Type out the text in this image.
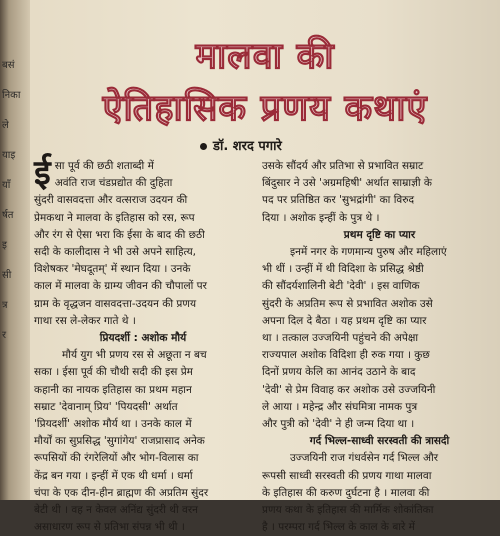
बसं
निका
ले
याइ
याँ
र्षत
इ
सी
त्र
र
मालवा की
ऐतिहासिक प्रणय कथाएं
डॉ. शरद पगारे
ई सा पूर्व की छठी शताब्दी में

अवंति राज चंडप्रद्योत की दुहिता

सुंदरी वासवदत्ता और वत्सराज उदयन की

प्रेमकथा ने मालवा के इतिहास को रस, रूप

और रंग से ऐसा भरा कि ईसा के बाद की छठी

सदी के कालीदास ने भी उसे अपने साहित्य,

विशेषकर 'मेघदूतम्' में स्थान दिया । उनके

काल में मालवा के ग्राम्य जीवन की चौपालों पर

ग्राम के वृद्धजन वासवदत्ता-उदयन की प्रणय

गाथा रस ले-लेकर गाते थे ।

प्रियदर्शी : अशोक मौर्य

मौर्य युग भी प्रणय रस से अछूता न बच

सका । ईसा पूर्व की चौथी सदी की इस प्रेम

कहानी का नायक इतिहास का प्रथम महान

सम्राट 'देवानाम् प्रिय' 'पियदसी' अर्थात

'प्रियदर्शी' अशोक मौर्य था । उनके काल में

मौर्यों का सुप्रसिद्ध 'सुगांगेय' राजप्रासाद अनेक

रूपसियों की रंगरेलियों और भोग-विलास का

केंद्र बन गया । इन्हीं में एक थी धर्मा । धर्मा

चंपा के एक दीन-हीन ब्राह्मण की अप्रतिम सुंदर

बेटी थी । वह न केवल अनिंद्य सुंदरी थी वरन

असाधारण रूप से प्रतिभा संपन्न भी थी ।

उसके सौंदर्य और प्रतिभा से प्रभावित सम्राट

बिंदुसार ने उसे 'अग्रमहिषी' अर्थात साम्राज्ञी के

पद पर प्रतिष्ठित कर 'सुभद्रांगी' का विरुद

दिया । अशोक इन्हीं के पुत्र थे ।

प्रथम दृष्टि का प्यार

इनमें नगर के गणमान्य पुरुष और महिलाएं

भी थीं । उन्हीं में थी विदिशा के प्रसिद्ध श्रेष्ठी

की सौंदर्यशालिनी बेटी 'देवी' । इस वाणिक

सुंदरी के अप्रतिम रूप से प्रभावित अशोक उसे

अपना दिल दे बैठा । यह प्रथम दृष्टि का प्यार

था । तत्काल उज्जयिनी पहुंचने की अपेक्षा

राज्यपाल अशोक विदिशा ही रुक गया । कुछ

दिनों प्रणय केलि का आनंद उठाने के बाद

'देवी' से प्रेम विवाह कर अशोक उसे उज्जयिनी

ले आया । महेन्द्र और संघमित्रा नामक पुत्र

और पुत्री को 'देवी' ने ही जन्म दिया था ।

गर्द भिल्ल-साध्वी सरस्वती की त्रासदी

उज्जयिनी राज गंधर्वसेन गर्द भिल्ल और

रूपसी साध्वी सरस्वती की प्रणय गाथा मालवा

के इतिहास की करुण दुर्घटना है । मालवा की

प्रणय कथा के इतिहास की मार्मिक शोकांतिका

है । परम्परा गर्द भिल्ल के काल के बारे में
